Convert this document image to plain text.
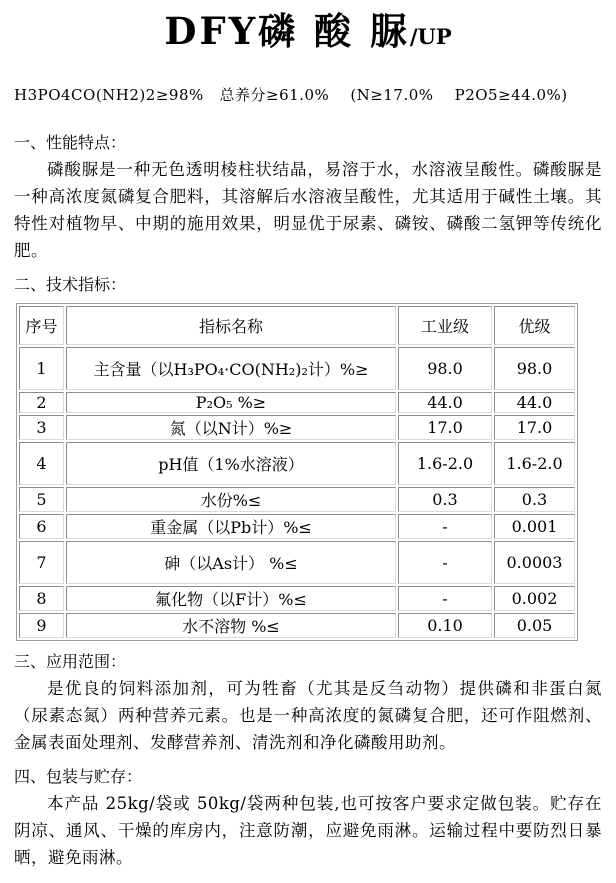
DFY磷 酸 脲/UP
H3PO4CO(NH2)2≥98%   总养分≥61.0%    (N≥17.0%    P2O5≥44.0%)
一、性能特点：

磷酸脲是一种无色透明棱柱状结晶，易溶于水，水溶液呈酸性。磷酸脲是一种高浓度氮磷复合肥料，其溶解后水溶液呈酸性，尤其适用于碱性土壤。其特性对植物早、中期的施用效果，明显优于尿素、磷铵、磷酸二氢钾等传统化肥。

二、技术指标：
序号	指标名称	工业级	优级
1	主含量（以H₃PO₄·CO(NH₂)₂计）%≥	98.0	98.0
2	P₂O₅ %≥	44.0	44.0
3	氮（以N计）%≥	17.0	17.0
4	pH值（1%水溶液）	1.6-2.0	1.6-2.0
5	水份%≤	0.3	0.3
6	重金属（以Pb计）%≤	-	0.001
7	砷（以As计） %≤	-	0.0003
8	氟化物（以F计）%≤	-	0.002
9	水不溶物 %≤	0.10	0.05
三、应用范围：

是优良的饲料添加剂，可为牲畜（尤其是反刍动物）提供磷和非蛋白氮（尿素态氮）两种营养元素。也是一种高浓度的氮磷复合肥，还可作阻燃剂、金属表面处理剂、发酵营养剂、清洗剂和净化磷酸用助剂。

四、包装与贮存：

本产品 25kg/袋或 50kg/袋两种包装,也可按客户要求定做包装。贮存在阴凉、通风、干燥的库房内，注意防潮，应避免雨淋。运输过程中要防烈日暴晒，避免雨淋。
